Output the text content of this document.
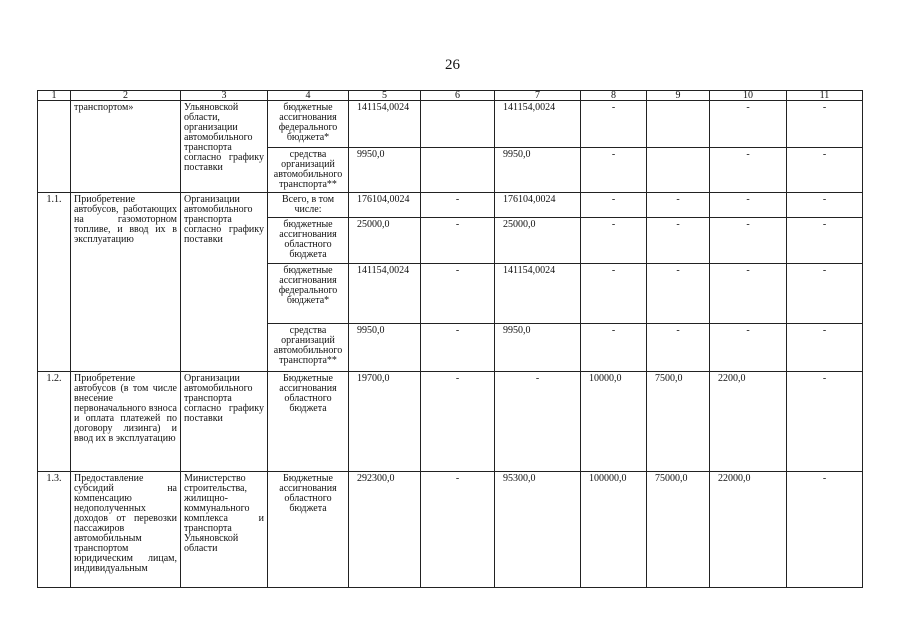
26
1	2	3	4	5	6	7	8	9	10	11
	транспортом»	Ульяновской области, организации автомобильного транспорта согласно графику поставки	бюджетные ассигнования федерального бюджета*	141154,0024		141154,0024	-		-	-
			средства организаций автомобильного транспорта**	9950,0		9950,0	-		-	-
1.1.	Приобретение автобусов, работающих на газомоторном топливе, и ввод их в эксплуатацию	Организации автомобильного транспорта согласно графику поставки	Всего, в том числе:	176104,0024	-	176104,0024	-	-	-	-
			бюджетные ассигнования областного бюджета	25000,0	-	25000,0	-	-	-	-
			бюджетные ассигнования федерального бюджета*	141154,0024	-	141154,0024	-	-	-	-
			средства организаций автомобильного транспорта**	9950,0	-	9950,0	-	-	-	-
1.2.	Приобретение автобусов (в том числе внесение первоначального взноса и оплата платежей по договору лизинга) и ввод их в эксплуатацию	Организации автомобильного транспорта согласно графику поставки	Бюджетные ассигнования областного бюджета	19700,0	-	-	10000,0	7500,0	2200,0	-
1.3.	Предоставление субсидий на компенсацию недополученных доходов от перевозки пассажиров автомобильным транспортом юридическим лицам, индивидуальным	Министерство строительства, жилищно-коммунального комплекса и транспорта Ульяновской области	Бюджетные ассигнования областного бюджета	292300,0	-	95300,0	100000,0	75000,0	22000,0	-
